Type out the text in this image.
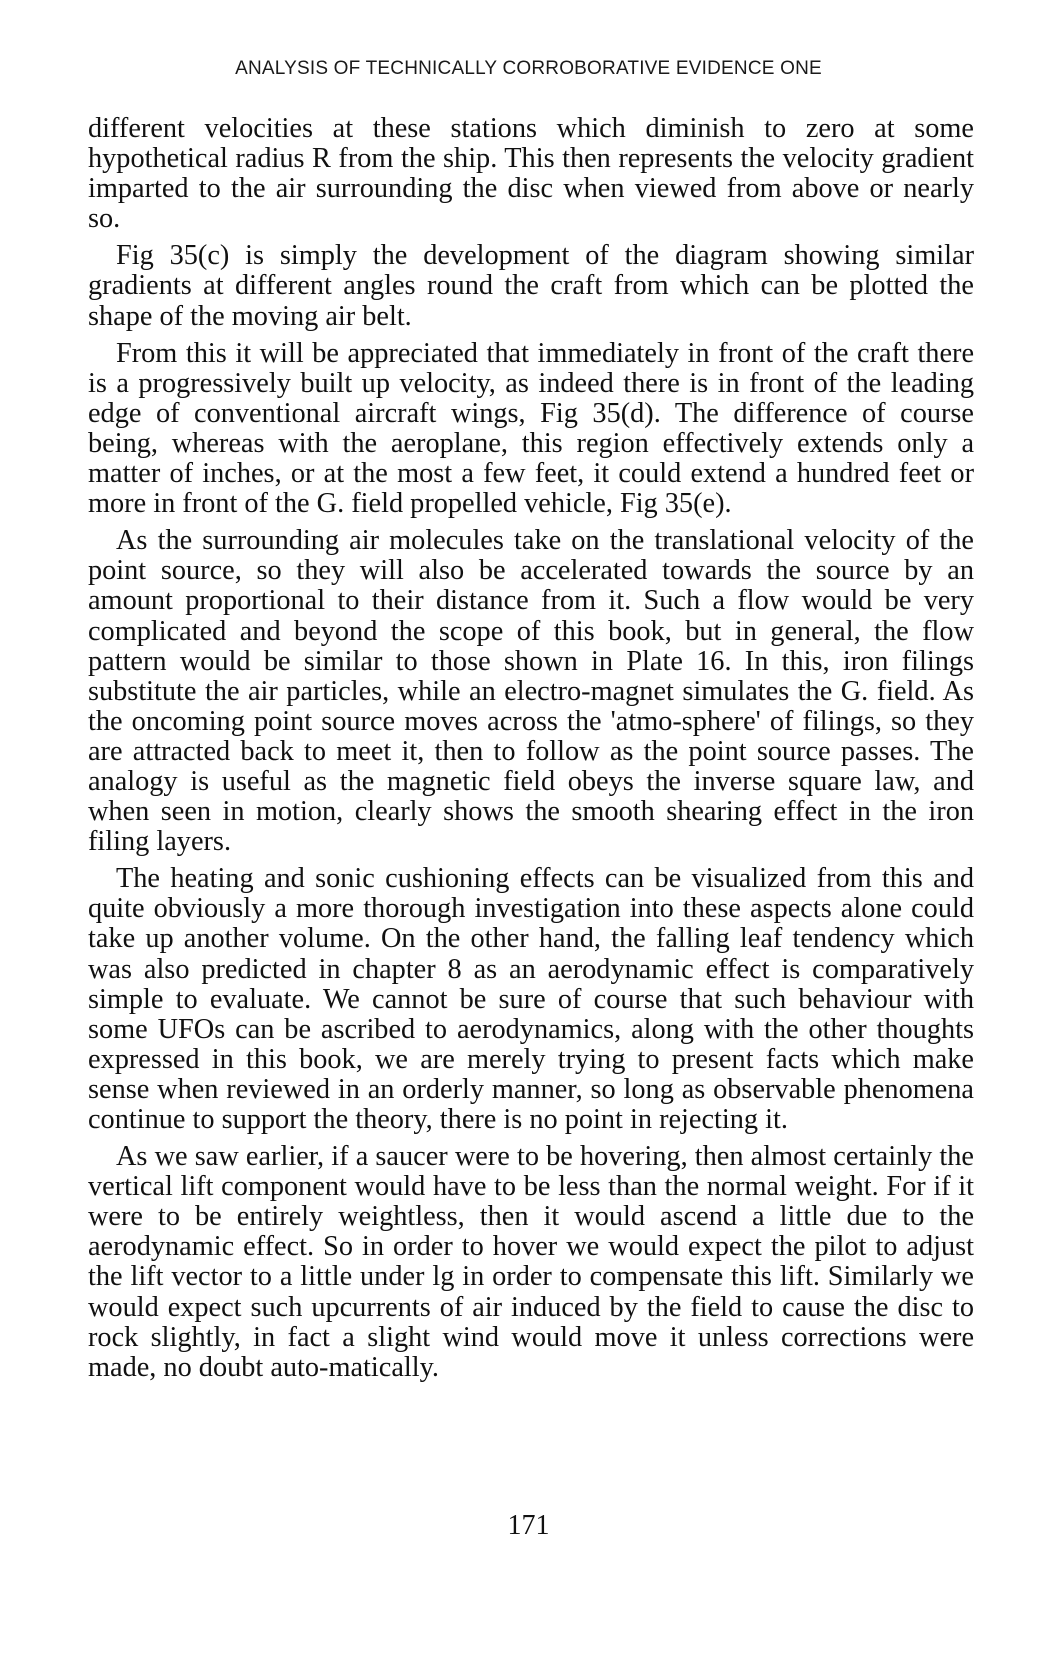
ANALYSIS OF TECHNICALLY CORROBORATIVE EVIDENCE ONE

different velocities at these stations which diminish to zero at some hypothetical radius R from the ship. This then represents the velocity gradient imparted to the air surrounding the disc when viewed from above or nearly so.

Fig 35(c) is simply the development of the diagram showing similar gradients at different angles round the craft from which can be plotted the shape of the moving air belt.

From this it will be appreciated that immediately in front of the craft there is a progressively built up velocity, as indeed there is in front of the leading edge of conventional aircraft wings, Fig 35(d). The difference of course being, whereas with the aeroplane, this region effectively extends only a matter of inches, or at the most a few feet, it could extend a hundred feet or more in front of the G. field propelled vehicle, Fig 35(e).

As the surrounding air molecules take on the translational velocity of the point source, so they will also be accelerated towards the source by an amount proportional to their distance from it. Such a flow would be very complicated and beyond the scope of this book, but in general, the flow pattern would be similar to those shown in Plate 16. In this, iron filings substitute the air particles, while an electro-magnet simulates the G. field. As the oncoming point source moves across the 'atmo-sphere' of filings, so they are attracted back to meet it, then to follow as the point source passes. The analogy is useful as the magnetic field obeys the inverse square law, and when seen in motion, clearly shows the smooth shearing effect in the iron filing layers.

The heating and sonic cushioning effects can be visualized from this and quite obviously a more thorough investigation into these aspects alone could take up another volume. On the other hand, the falling leaf tendency which was also predicted in chapter 8 as an aerodynamic effect is comparatively simple to evaluate. We cannot be sure of course that such behaviour with some UFOs can be ascribed to aerodynamics, along with the other thoughts expressed in this book, we are merely trying to present facts which make sense when reviewed in an orderly manner, so long as observable phenomena continue to support the theory, there is no point in rejecting it.

As we saw earlier, if a saucer were to be hovering, then almost certainly the vertical lift component would have to be less than the normal weight. For if it were to be entirely weightless, then it would ascend a little due to the aerodynamic effect. So in order to hover we would expect the pilot to adjust the lift vector to a little under lg in order to compensate this lift. Similarly we would expect such upcurrents of air induced by the field to cause the disc to rock slightly, in fact a slight wind would move it unless corrections were made, no doubt auto-matically.

171
